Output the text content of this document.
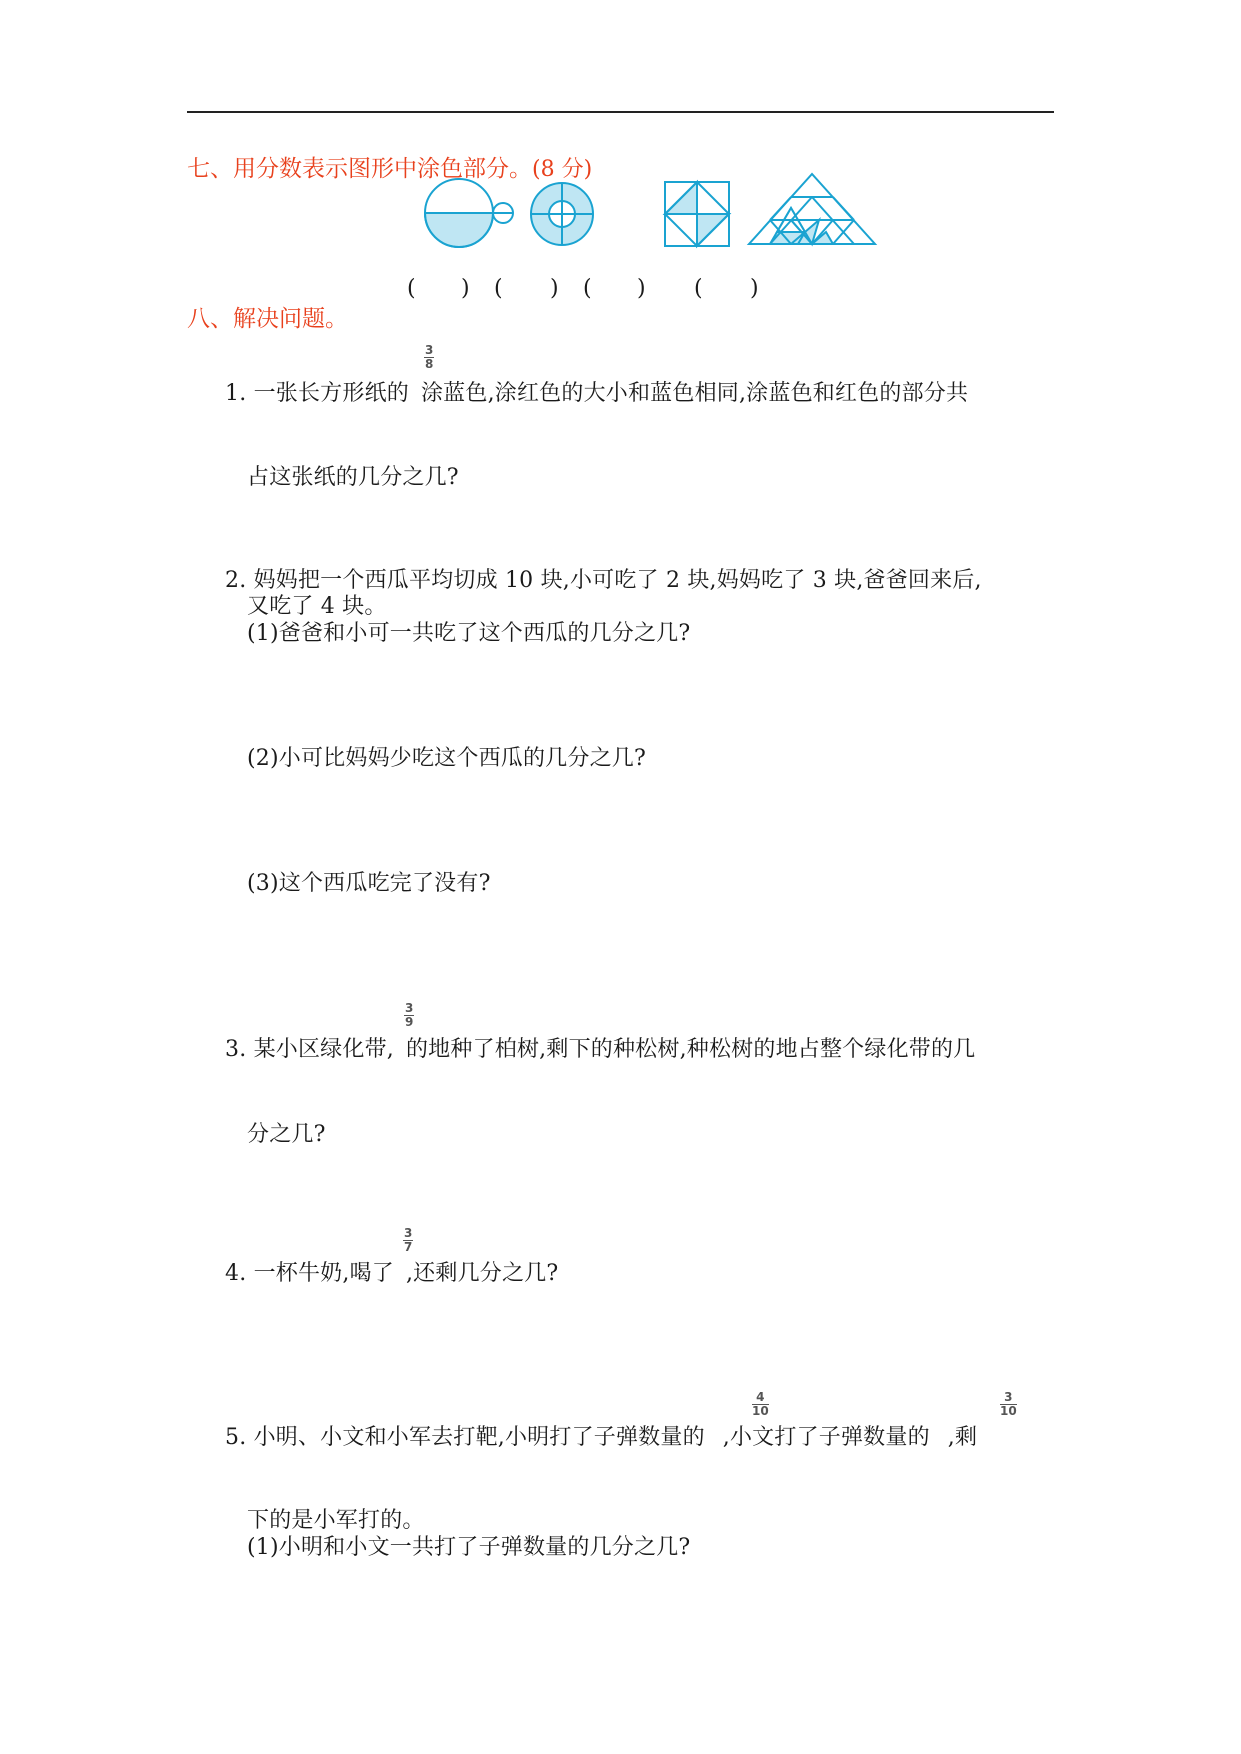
七、用分数表示图形中涂色部分。(8 分)
( ) ( ) ( ) ( )
八、解决问题。
1. 一张长方形纸的 涂蓝色,涂红色的大小和蓝色相同,涂蓝色和红色的部分共
$\frac{3}{8}$
占这张纸的几分之几?
2. 妈妈把一个西瓜平均切成 10 块,小可吃了 2 块,妈妈吃了 3 块,爸爸回来后,
又吃了 4 块。
(1)爸爸和小可一共吃了这个西瓜的几分之几?
(2)小可比妈妈少吃这个西瓜的几分之几?
(3)这个西瓜吃完了没有?
3. 某小区绿化带, 的地种了柏树,剩下的种松树,种松树的地占整个绿化带的几
$\frac{3}{9}$
分之几?
4. 一杯牛奶,喝了 ,还剩几分之几?
$\frac{3}{7}$
5. 小明、小文和小军去打靶,小明打了子弹数量的 ,小文打了子弹数量的 ,剩
$\frac{4}{10}$	$\frac{3}{10}$
下的是小军打的。
(1)小明和小文一共打了子弹数量的几分之几?
